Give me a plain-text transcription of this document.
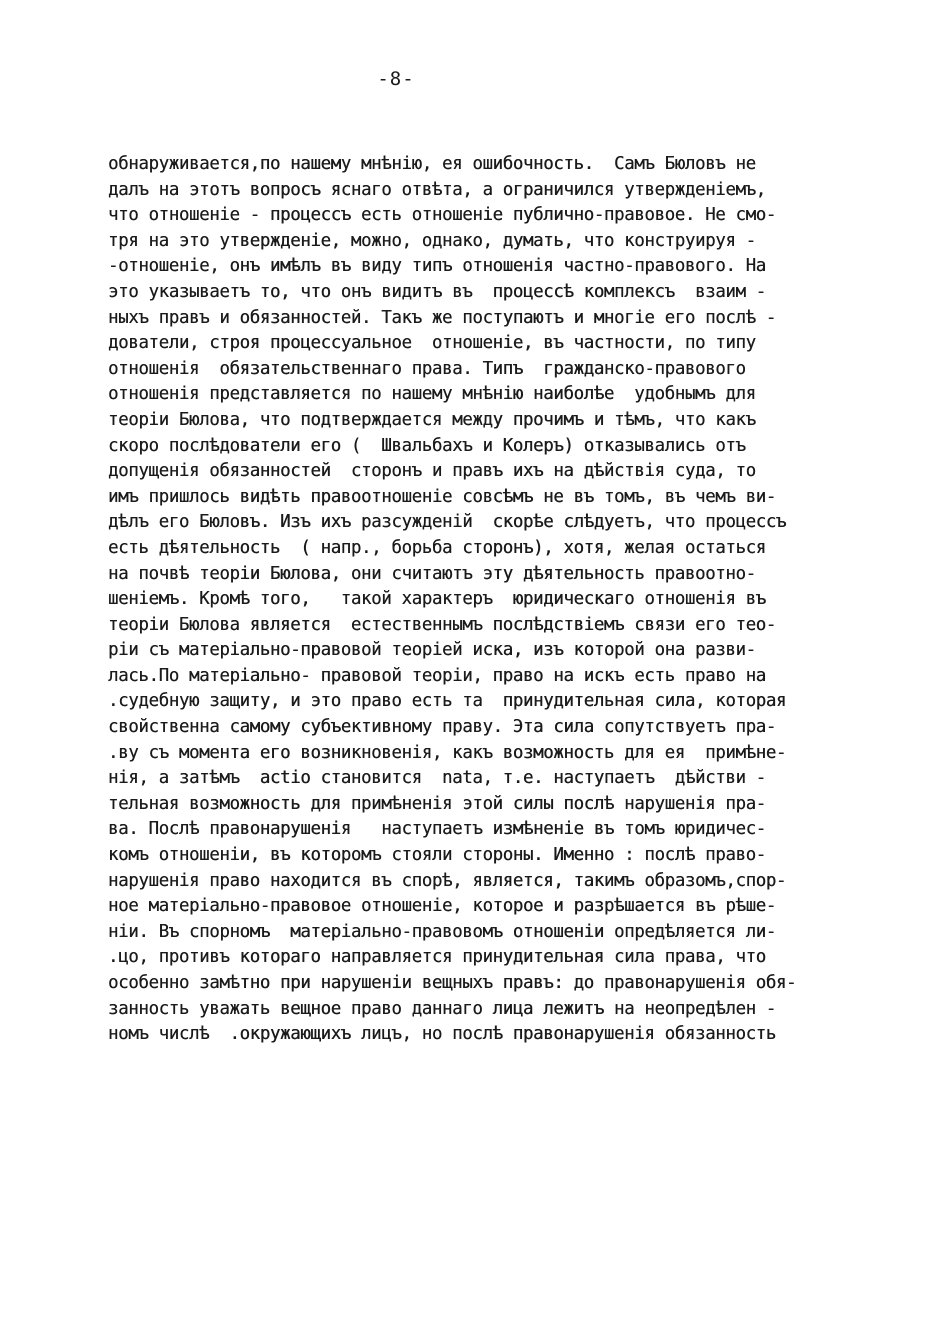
-8-
обнаруживается,по нашему мнѣнію, ея ошибочность.  Самъ Бюловъ не
далъ на этотъ вопросъ яснаго отвѣта, а ограничился утвержденіемъ,
что отношеніе - процессъ есть отношеніе публично-правовое. Не смо-
тря на это утвержденіе, можно, однако, думать, что конструируя -
-отношеніе, онъ имѣлъ въ виду типъ отношенія частно-правового. На
это указываетъ то, что онъ видитъ въ  процессѣ комплексъ  взаим -
ныхъ правъ и обязанностей. Такъ же поступаютъ и многіе его послѣ -
дователи, строя процессуальное  отношеніе, въ частности, по типу
отношенія  обязательственнаго права. Типъ  гражданско-правового
отношенія представляется по нашему мнѣнію наиболѣе  удобнымъ для
теоріи Бюлова, что подтверждается между прочимъ и тѣмъ, что какъ
скоро послѣдователи его (  Швальбахъ и Колеръ) отказывались отъ
допущенія обязанностей  сторонъ и правъ ихъ на дѣйствія суда, то
имъ пришлось видѣть правоотношеніе совсѣмъ не въ томъ, въ чемъ ви-
дѣлъ его Бюловъ. Изъ ихъ разсужденій  скорѣе слѣдуетъ, что процессъ
есть дѣятельность  ( напр., борьба сторонъ), хотя, желая остаться
на почвѣ теоріи Бюлова, они считаютъ эту дѣятельность правоотно-
шеніемъ. Кромѣ того,   такой характеръ  юридическаго отношенія въ
теоріи Бюлова является  естественнымъ послѣдствіемъ связи его тео-
ріи съ матеріально-правовой теоріей иска, изъ которой она разви-
лась.По матеріально- правовой теоріи, право на искъ есть право на
.судебную защиту, и это право есть та  принудительная сила, которая
свойственна самому субъективному праву. Эта сила сопутствуетъ пра-
.ву съ момента его возникновенія, какъ возможность для ея  примѣне-
нія, а затѣмъ  actio становится  nata, т.е. наступаетъ  дѣйстви -
тельная возможность для примѣненія этой силы послѣ нарушенія пра-
ва. Послѣ правонарушенія   наступаетъ измѣненіе въ томъ юридичес-
комъ отношеніи, въ которомъ стояли стороны. Именно : послѣ право-
нарушенія право находится въ спорѣ, является, такимъ образомъ,спор-
ное матеріально-правовое отношеніе, которое и разрѣшается въ рѣше-
ніи. Въ спорномъ  матеріально-правовомъ отношеніи опредѣляется ли-
.цо, противъ котораго направляется принудительная сила права, что
особенно замѣтно при нарушеніи вещныхъ правъ: до правонарушенія обя-
занность уважать вещное право даннаго лица лежитъ на неопредѣлен -
номъ числѣ  .окружающихъ лицъ, но послѣ правонарушенія обязанность
